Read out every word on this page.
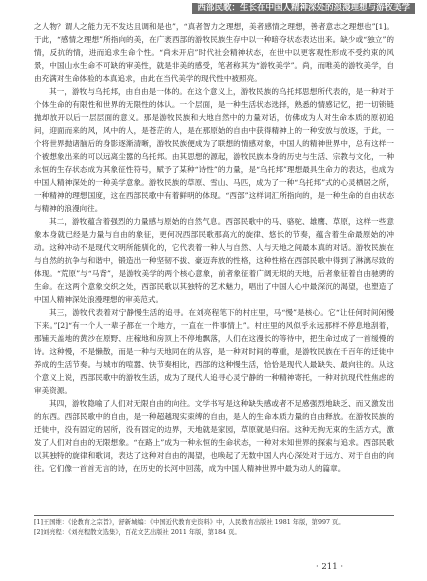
西部民歌：生长在中国人精神深处的浪漫理想与游牧美学

之人物？谓人之能力无不发达且调和是也”，“真者智力之理想，美者感情之理想，善者意志之理想也”[1]。于此，“感情之理想”所指向的美，在广袤西部的游牧民族生存中以一种暗夺状态表达出来。缺少或“独立”的情，反抗的情，进而追求生命个性。“尚未开启”时代社会精神状态，在世中以更客观性形成不受约束的风景，中国山水生命不可缺的审美性，就是非美的感受，笔者称其为“游牧美学”。尚，而唯美的游牧美学，自由充满对生命体验的本真追求，由此在当代美学的现代性中被照亮。

其一，游牧与乌托邦，由自由是一体的。在这个意义上，游牧民族的乌托邦思想所代表的，是一种对于个体生命的有限性和世界的无限性的体认。一个层面，是一种生活状态选择，熟悉的情感记忆，把一切锁链抛却放开以后一层层面的意义。那是游牧民族和大地自然中的力量对话，仿佛成为人对生命本质的原初追问，迎面而来的风，风中的人，是苍茫的人，是在那原始的自由中获得精神上的一种安放与放逐，于此，一个将世界抛诸脑后的身影逐渐清晰，游牧民族便成为了联想的情感对象，中国人的精神世界中，总有这样一个被想象出来的可以远离尘嚣的乌托邦。由其思想的源起，游牧民族本身的历史与生活、宗教与文化，一种永恒的生存状态成为其象征性符号，赋予了某种“诗性”的力量，是“乌托邦”理想最具生命力的表达，也成为中国人精神深处的一种美学意象。游牧民族的草原、雪山、马匹，成为了一种“乌托邦”式的心灵栖居之所，一种精神的理想国度，这在西部民歌中有着鲜明的体现。“西部”这样词汇所指向的，是一种生命的自由状态与精神的浪漫向往。

其二，游牧蕴含着强烈的力量感与原始的自然气息。西部民歌中的马、骆驼、雄鹰、草原，这样一些意象本身就已经是力量与自由的象征，更何况西部民歌那高亢的旋律、悠长的节奏，蕴含着生命最原始的冲动。这种冲动不是现代文明所能驯化的，它代表着一种人与自然、人与天地之间最本真的对话。游牧民族在与自然的抗争与和谐中，锻造出一种坚韧不拔、豪迈奔放的性格，这种性格在西部民歌中得到了淋漓尽致的体现。“荒原”与“马背”，是游牧美学的两个核心意象，前者象征着广阔无垠的天地，后者象征着自由驰骋的生命。在这两个意象交织之处，西部民歌以其独特的艺术魅力，唱出了中国人心中最深沉的渴望，也塑造了中国人精神深处浪漫理想的审美范式。

其三，游牧代表着对宁静慢生活的追寻。在刘亮程笔下的村庄里，马“慢”是核心。它“让任何时间闲慢下来。”[2]“有一个人一辈子都在一个地方，一直在一件事情上”。村庄里的风似乎永远那样不停息地刮着，那铺天盖地的黄沙在原野、庄稼地和房顶上不停地飘落，人们在这漫长的等待中，把生命过成了一首缓慢的诗。这种慢，不是懒散，而是一种与天地同在的从容，是一种对时间的尊重，是游牧民族在千百年的迁徙中养成的生活节奏。与城市的喧嚣、快节奏相比，西部的这种慢生活，恰恰是现代人最缺失、最向往的。从这个意义上说，西部民歌中的游牧生活，成为了现代人追寻心灵宁静的一种精神寄托，一种对抗现代性焦虑的审美资源。

其四，游牧隐喻了人们对无限自由的向往。文学书写是这种缺失感或者不足感强烈地缺乏、而又激发出的东西。西部民歌中的自由，是一种超越现实束缚的自由，是人的生命本质力量的自由释放。在游牧民族的迁徙中，没有固定的居所，没有固定的边界，天地就是家园，草原就是归宿。这种无拘无束的生活方式，激发了人们对自由的无限想象。“在路上”成为一种永恒的生命状态，一种对未知世界的探索与追求。西部民歌以其独特的旋律和歌词，表达了这种对自由的渴望，也唤起了无数中国人内心深处对于远方、对于自由的向往。它们像一首首无言的诗，在历史的长河中回荡，成为中国人精神世界中最为动人的篇章。

[1]王国维：《论教育之宗旨》，舒新城编：《中国近代教育史资料》中，人民教育出版社 1981 年版，第997 页。

[2]刘亮程：《刘亮程散文选集》，百花文艺出版社 2011 年版，第184 页。

· 211 ·
